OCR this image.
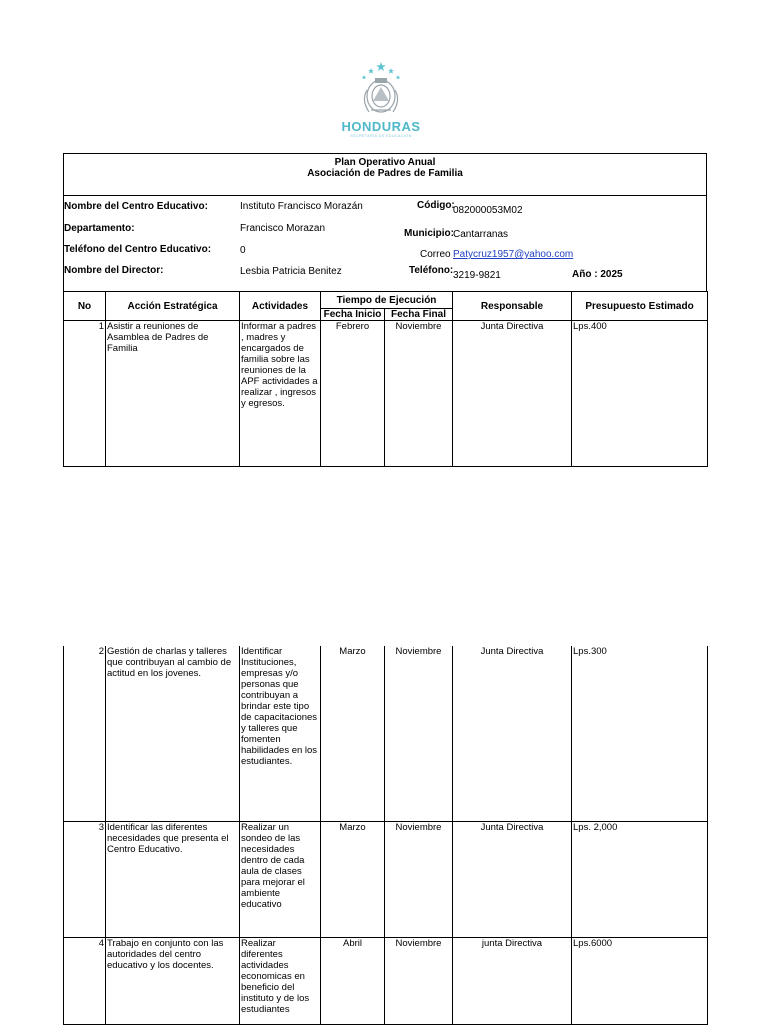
HONDURAS
SECRETARÍA DE EDUCACIÓN
Plan Operativo Anual
Asociación de Padres de Familia
Nombre del Centro Educativo:	Instituto Francisco Morazán	Código:
082000053M02
Departamento:	Francisco Morazan	Municipio: Cantarranas
Teléfono del Centro Educativo:	0	Correo Patycruz1957@yahoo.com
Nombre del Director:	Lesbia Patricia Benitez	Teléfono: 3219-9821	Año : 2025
No	Acción Estratégica	Actividades	Tiempo de Ejecución		Responsable	Presupuesto Estimado
			Fecha Inicio	Fecha Final		
1	Asistir a reuniones de Asamblea de Padres de Familia	Informar a padres , madres y encargados de familia sobre las reuniones de la APF actividades a realizar , ingresos y egresos.	Febrero	Noviembre	Junta Directiva	Lps.400
2	Gestión de charlas y talleres que contribuyan al cambio de actitud en los jovenes.	Identificar Instituciones, empresas y/o personas que contribuyan a brindar este tipo de capacitaciones y talleres que fomenten habilidades en los estudiantes.	Marzo	Noviembre	Junta Directiva	Lps.300
3	Identificar las diferentes necesidades que presenta el Centro Educativo.	Realizar un sondeo de las necesidades dentro de cada aula de clases para mejorar el ambiente educativo	Marzo	Noviembre	Junta Directiva	Lps. 2,000
4	Trabajo en conjunto con las autoridades del centro educativo y los docentes.	Realizar diferentes actividades economicas en beneficio del instituto y de los estudiantes	Abril	Noviembre	junta Directiva	Lps.6000
